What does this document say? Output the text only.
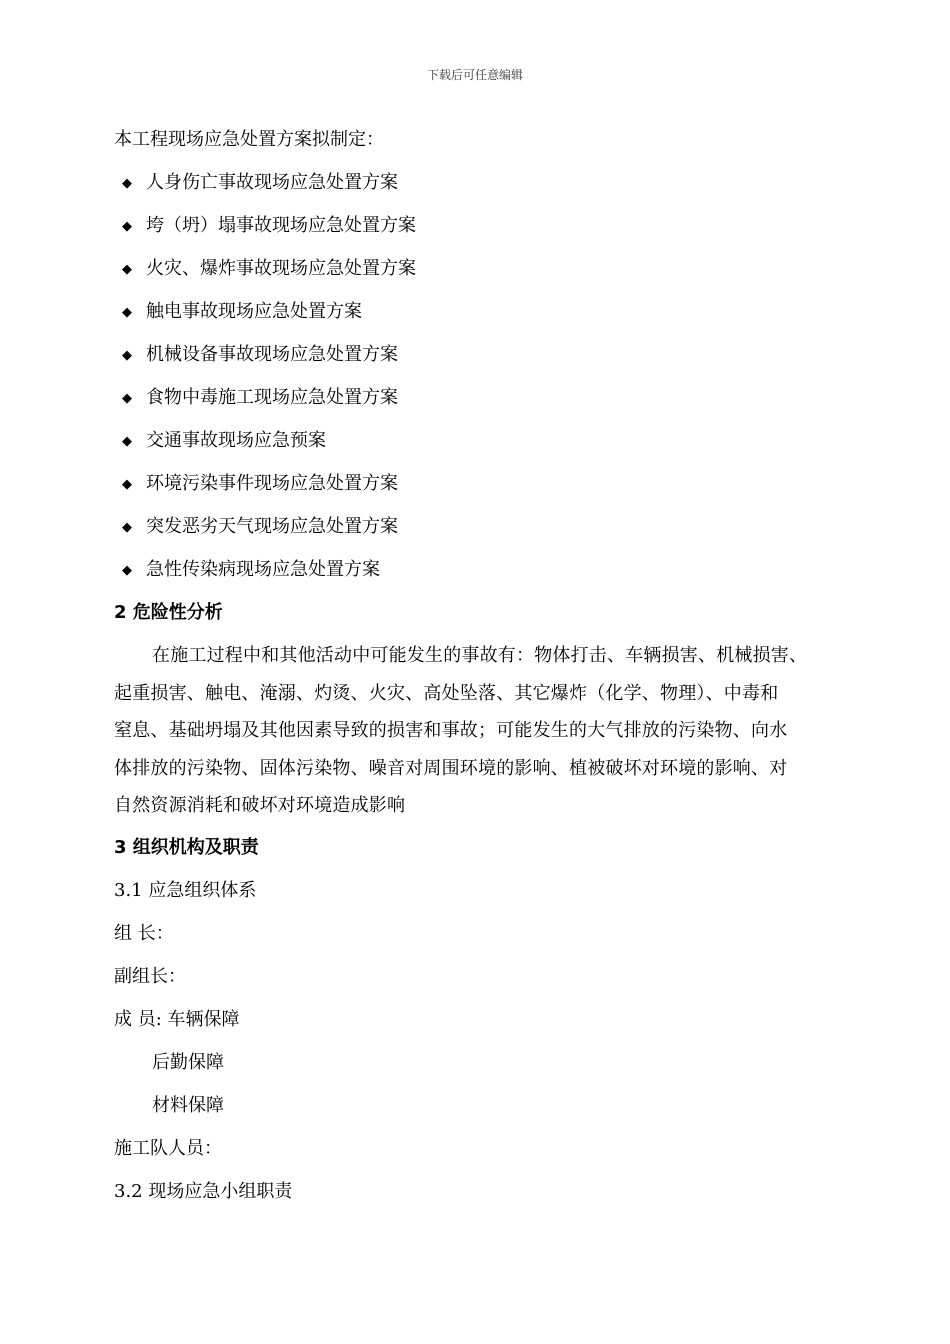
下载后可任意编辑
本工程现场应急处置方案拟制定：
◆ 人身伤亡事故现场应急处置方案
◆ 垮（坍）塌事故现场应急处置方案
◆ 火灾、爆炸事故现场应急处置方案
◆ 触电事故现场应急处置方案
◆ 机械设备事故现场应急处置方案
◆ 食物中毒施工现场应急处置方案
◆ 交通事故现场应急预案
◆ 环境污染事件现场应急处置方案
◆ 突发恶劣天气现场应急处置方案
◆ 急性传染病现场应急处置方案
2 危险性分析
在施工过程中和其他活动中可能发生的事故有：物体打击、车辆损害、机械损害、
起重损害、触电、淹溺、灼烫、火灾、高处坠落、其它爆炸（化学、物理）、中毒和
窒息、基础坍塌及其他因素导致的损害和事故；可能发生的大气排放的污染物、向水
体排放的污染物、固体污染物、噪音对周围环境的影响、植被破坏对环境的影响、对
自然资源消耗和破坏对环境造成影响
3 组织机构及职责
3.1 应急组织体系
组 长：
副组长：
成 员: 车辆保障
后勤保障
材料保障
施工队人员：
3.2 现场应急小组职责
